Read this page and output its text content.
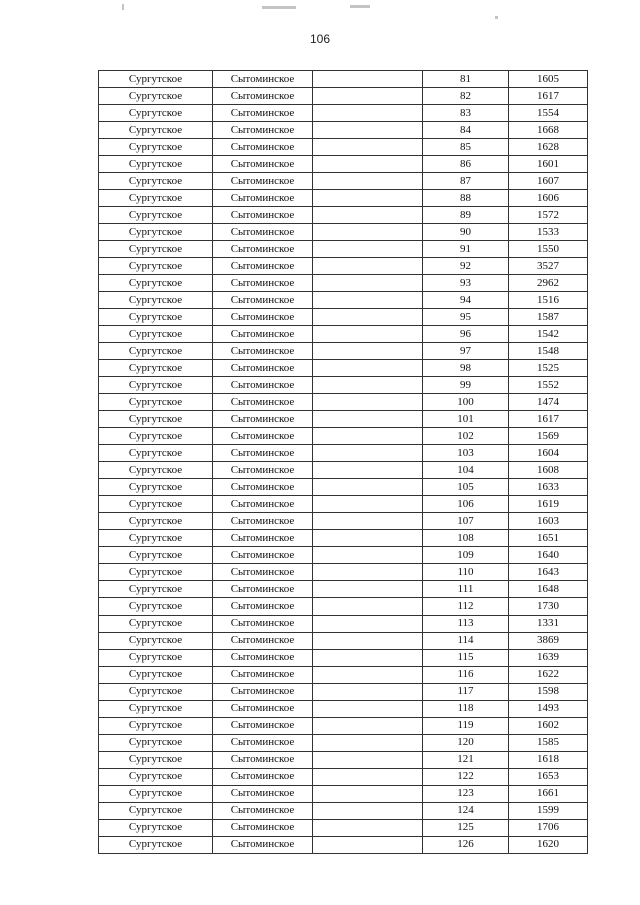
106
Сургутское	Сытоминское		81	1605
Сургутское	Сытоминское		82	1617
Сургутское	Сытоминское		83	1554
Сургутское	Сытоминское		84	1668
Сургутское	Сытоминское		85	1628
Сургутское	Сытоминское		86	1601
Сургутское	Сытоминское		87	1607
Сургутское	Сытоминское		88	1606
Сургутское	Сытоминское		89	1572
Сургутское	Сытоминское		90	1533
Сургутское	Сытоминское		91	1550
Сургутское	Сытоминское		92	3527
Сургутское	Сытоминское		93	2962
Сургутское	Сытоминское		94	1516
Сургутское	Сытоминское		95	1587
Сургутское	Сытоминское		96	1542
Сургутское	Сытоминское		97	1548
Сургутское	Сытоминское		98	1525
Сургутское	Сытоминское		99	1552
Сургутское	Сытоминское		100	1474
Сургутское	Сытоминское		101	1617
Сургутское	Сытоминское		102	1569
Сургутское	Сытоминское		103	1604
Сургутское	Сытоминское		104	1608
Сургутское	Сытоминское		105	1633
Сургутское	Сытоминское		106	1619
Сургутское	Сытоминское		107	1603
Сургутское	Сытоминское		108	1651
Сургутское	Сытоминское		109	1640
Сургутское	Сытоминское		110	1643
Сургутское	Сытоминское		111	1648
Сургутское	Сытоминское		112	1730
Сургутское	Сытоминское		113	1331
Сургутское	Сытоминское		114	3869
Сургутское	Сытоминское		115	1639
Сургутское	Сытоминское		116	1622
Сургутское	Сытоминское		117	1598
Сургутское	Сытоминское		118	1493
Сургутское	Сытоминское		119	1602
Сургутское	Сытоминское		120	1585
Сургутское	Сытоминское		121	1618
Сургутское	Сытоминское		122	1653
Сургутское	Сытоминское		123	1661
Сургутское	Сытоминское		124	1599
Сургутское	Сытоминское		125	1706
Сургутское	Сытоминское		126	1620
